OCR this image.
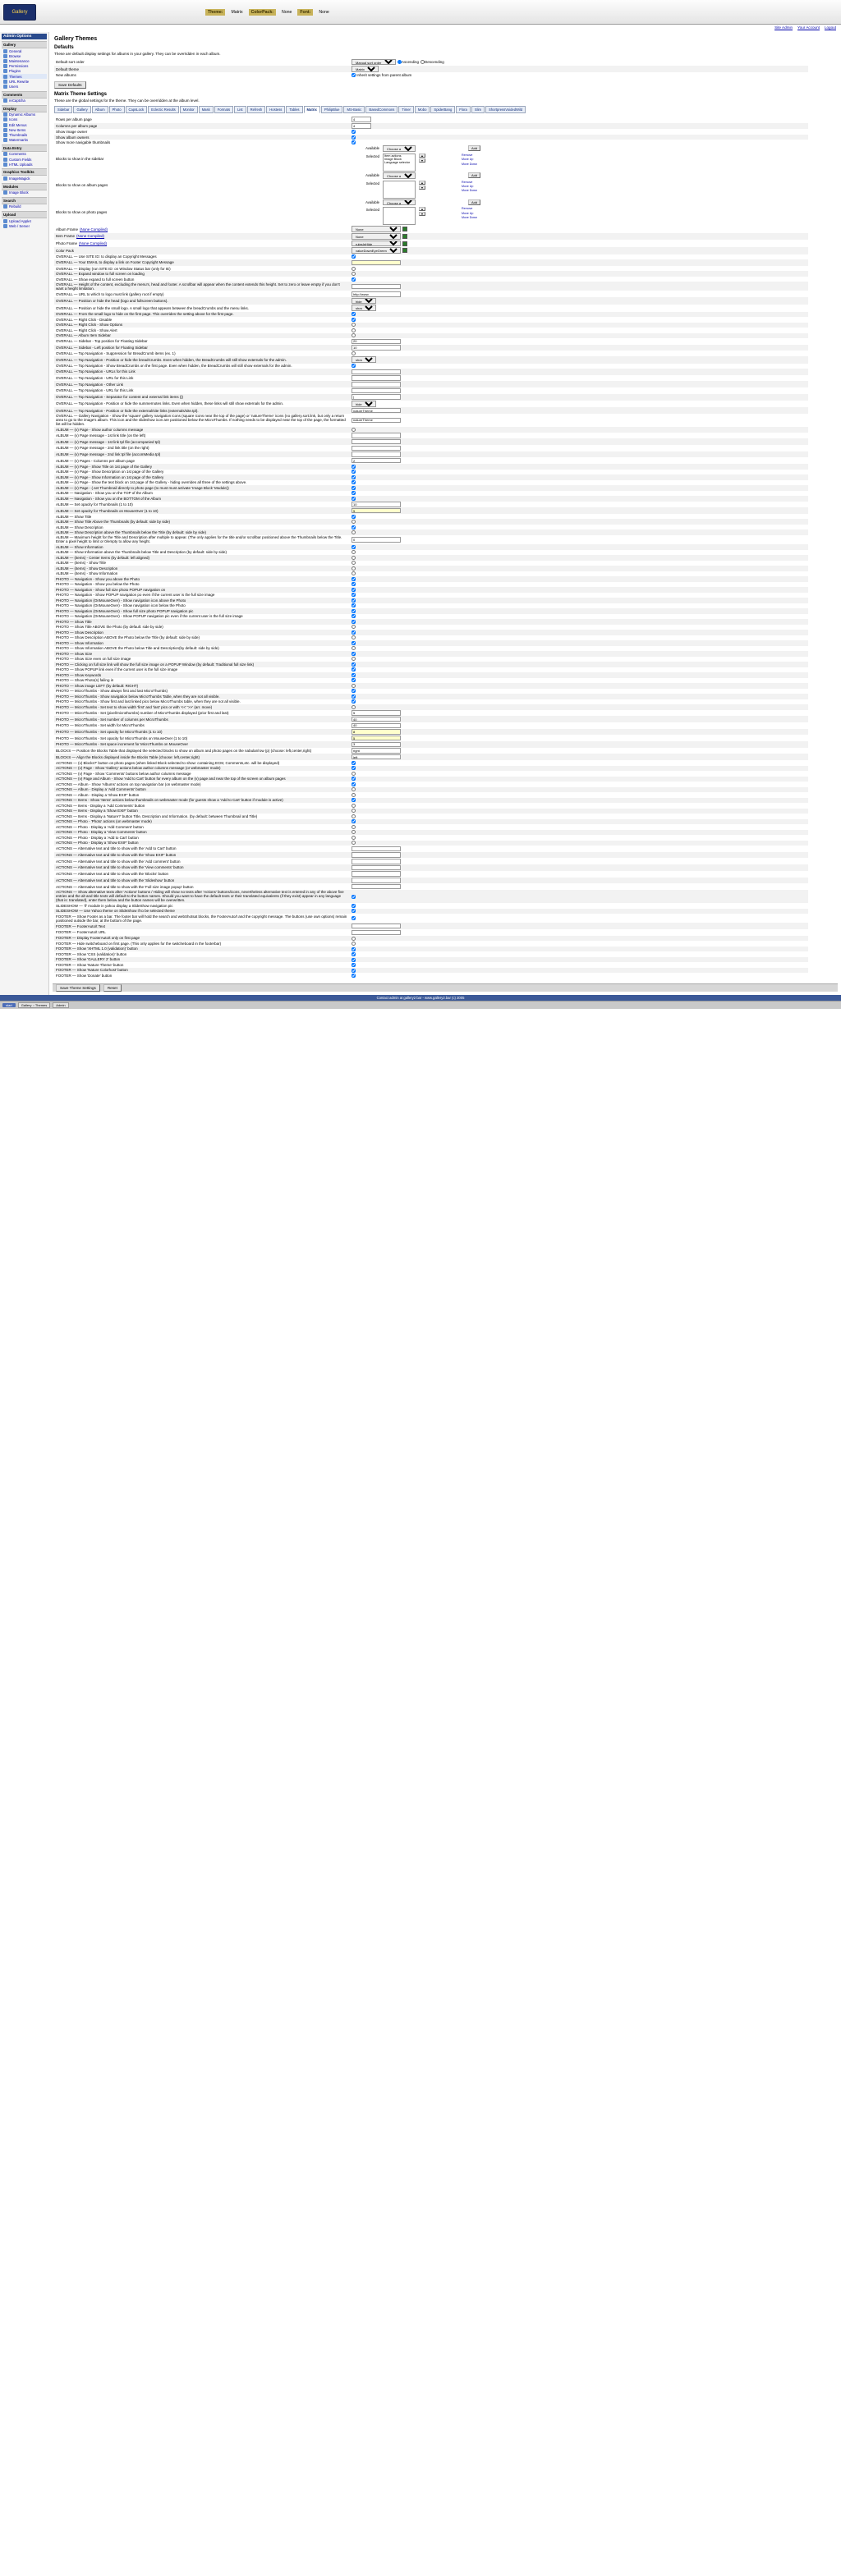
Gallery	Theme:	Matrix	ColorPack:	None	Font:	None
Site Admin Your Account Logout
Admin Options
Gallery
General
Browse
Maintenance
Permissions
Plugins
Themes
URL Rewrite
Users
Comments
reCaptcha
Display
Dynamic Albums
Icons
Edit Menus
New Items
Thumbnails
Watermarks
Data Entry
Comments
Custom Fields
HTML Uploads
Graphics Toolkits
ImageMagick
Modules
Image Block
Search
Rebuild
Upload
Upload Applet
Web / Server
Gallery Themes
Defaults
These are default display settings for albums in your gallery. They can be overridden in each album.
Default sort order	
Manual sort orderAscending Descending

Default theme	
Matrix
New albums	Inherit settings from parent album
Save Defaults
Matrix Theme Settings
These are the global settings for the theme. They can be overridden at the album level.
Sidebar	Gallery	Album	Photo	CapsLock	Eclectic Results	Monitor	Mask	Formats	List	Refresh	Hostess	Tables	Matrix	PhilipBlue	MS-Basic	BasedCommons	Timer	Mobo	SpiderBang	Flora	Slim	ShortpressVoidedWild
Rows per album page	4
Columns per album page	4
Show image owner	
Show album owners	
Show more navigable thumbnails	
Blocks to show in the sidebar	
Available
Choose a block	Add
Selected Item actions
Image Block
Language selector
▲
▼
Remove
Move Up
Move Down

Blocks to show on album pages	
Available
Choose a block	Add
Selected	▲
▼
Remove
Move Up
Move Down

Blocks to show on photo pages	
Available
Choose a block	Add
Selected	▲
▼
Remove
Move Up
Move Down
Album Frame (None Compiled)	
None

Item Frame (None Compiled)	
None

Photo Frame (None Compiled)	
rulesInHide

Color Pack	
valueDownEyeGreen
OVERALL — Use SITE ID: to display an Copyright Messages	
OVERALL — Your EMAIL to display a link on Footer Copyright Message	
OVERALL — Display (run SITE ID: on Window Status bar (only for IE)	
OVERALL — Expand window to full screen on loading	
OVERALL — Show expand to full screen button	
OVERALL — Height of the content, excluding the menu's, head and footer. A scrollbar will appear when the content extends this height. Set to zero or leave empty if you don't want a height limitation.	
OVERALL — URL to which to logo must link (gallery root if empty)	http://www.
OVERALL — Position or hide the head (logo and fullscreen buttons).	
hide
OVERALL — Position or hide the small logo. A small logo that appears between the breadCrumbs and the menu links.	
show
OVERALL — From the small logo to hide on the first page. This overrides the setting above for the first page.	
OVERALL — Right Click - Disable	
OVERALL — Right Click - Show Options	
OVERALL — Right Click - Show Alert	
OVERALL — Album Item Sidebar	
OVERALL — Sidebar - Top position for Floating Sidebar	20
OVERALL — Sidebar - Left position for Floating Sidebar	10
OVERALL — Top Navigation - Suppression for BreadCrumb items (ex. 1)	
OVERALL — Top Navigation - Position or hide the breadCrumbs. Even when hidden, the BreadCrumbs will still show externals for the admin.	
show
OVERALL — Top Navigation - Show BreadCrumbs on the first page. Even when hidden, the BreadCrumbs will still show externals for the admin.	
OVERALL — Top Navigation - URLs for this Link	
OVERALL — Top Navigation - URL for this Link	
OVERALL — Top Navigation - Other Link	
OVERALL — Top Navigation - URL for this Link	
OVERALL — Top Navigation - Separator for content and external link items (|)	|
OVERALL — Top Navigation - Position or hide the summernotes links. Even when hidden, these links will still show externals for the admin.	
hide
OVERALL — Top Navigation - Position or hide the external/site links (externals/site.tpl).	natureTheme
OVERALL — Gallery Navigation - Show the 'square' gallery navigation icons (square icons near the top of the page) or 'natureTheme' icons (no gallery.sort.link, but only a return area to go to the image's album. This icon and the slideshow icon are positioned below the MicroThumbs. If nothing needs to be displayed near the top of the page, the formatted list will be hidden.	natureTheme
ALBUM — (v) Page - Show author columns message	
ALBUM — (v) Page message - 1st link title (on the left)	
ALBUM — (v) Page message - 1st link tpl file (accompanied tpl)	
ALBUM — (v) Page message - 2nd link title (on the right)	
ALBUM — (v) Page message - 2nd link tpl file (accomMedia tpl)	
ALBUM — (v) Pages - Columns per album page	2
ALBUM — (v) Page - Show Title on 1st page of the Gallery	
ALBUM — (v) Page - Show Description on 1st page of the Gallery	
ALBUM — (v) Page - Show Information on 1st page of the Gallery	
ALBUM — (v) Page - Show the text block on 1st page of the Gallery - hiding overrides all three of the settings above.	
ALBUM — (v) Page - (.set Thumbnail directly to photo page (to must must activate 'Image Block' Module))	
ALBUM — Navigation - Show you on the TOP of the Album	
ALBUM — Navigation - Show you on the BOTTOM of the Album	
ALBUM — Set opacity for Thumbnails (1 to 10)	10
ALBUM — Set opacity for Thumbnails on MouseOver (1 to 10)	5
ALBUM — Show Title	
ALBUM — Show Title Above the Thumbnails (by default: side by side)	
ALBUM — Show Description	
ALBUM — Show Description above the Thumbnails below the Title (by default: side by side)	
ALBUM — Maximum height for the Title and Description after multiple to appear. (The only applies for the title and/or scrollbar positioned above the Thumbnails below the Title. Enter a pixel height to limit or 0/empty to allow any height.	0
ALBUM — Show Information	
ALBUM — Show Information above the Thumbnails below Title and Description (by default: side by side)	
ALBUM — (items) - Center Items (by default: left aligned)	
ALBUM — (items) - Show Title	
ALBUM — (items) - Show Description	
ALBUM — (items) - Show Information	
PHOTO — Navigation - Show you above the Photo	
PHOTO — Navigation - Show you below the Photo	
PHOTO — Navigation - Show full size photo POPUP navigation on	
PHOTO — Navigation - Show POPUP navigation po even if the current user is the full size image	
PHOTO — Navigation (OnMouseOver) - Show navigation icon above the Photo	
PHOTO — Navigation (OnMouseOver) - Show navigation icon below the Photo	
PHOTO — Navigation (OnMouseOver) - Show full size photo POPUP navigation pic	
PHOTO — Navigation (OnMouseOver) - Show POPUP navigation pic even if the current user is the full size image	
PHOTO — Show Title	
PHOTO — Show Title ABOVE the Photo (by default: side by side)	
PHOTO — Show Description	
PHOTO — Show Description ABOVE the Photo below the Title (by default: side by side)	
PHOTO — Show Information	
PHOTO — Show Information ABOVE the Photo below Title and Description(by default: side by side)	
PHOTO — Show Size	
PHOTO — Show Size even on full size image	
PHOTO — Clicking on full size link will show the full size image on a POPUP Window (by default: Traditional full size link)	
PHOTO — Show POPUP link even if the current user is the full size image	
PHOTO — Show Keywords	
PHOTO — Show Photo(s) failing in	
PHOTO — Show image LEFT (by default: RIGHT)	
PHOTO — MicroThumbs - Show always first and last MicroThumbs)	
PHOTO — MicroThumbs - Show navigation below MicroThumbs Table, when they are not all visible.	
PHOTO — MicroThumbs - Show first and last linked pics below MicroThumbs table, when they are not all visible.	
PHOTO — MicroThumbs - Set text to show width 'first' and 'last' pics or with '<<' '>>' (arr. move)	
PHOTO — MicroThumbs - Set (pixel/microthumbs) number of MicroThumbs displayed (prior first and last)	5
PHOTO — MicroThumbs - Set number of columns per MicroThumbs	40
PHOTO — MicroThumbs - Set width for MicroThumbs	40
PHOTO — MicroThumbs - Set opacity for MicroThumbs (1 to 10)	8
PHOTO — MicroThumbs - Set opacity for MicroThumbs on MouseOver (1 to 10)	5
PHOTO — MicroThumbs - Set space increment for MicroThumbs on MouseOver	3
BLOCKS — Position the Blocks Table that displayed the selected blocks to show on album and photo pages on the nabular/row (p) (choose: left,center,right)	right
BLOCKS — Align the Blocks displayed inside the Blocks Table (choose: left,center,right)	left
ACTIONS — (v) Blocks?' button on photo pages (when linked Block selected to show: containing ECM, Comments,etc. will be displayed)	
ACTIONS — (v) Page - Show 'Gallery' actions below author columns message (or webmaster mode)	
ACTIONS — (v) Page - Show 'Comments' buttons below author columns message	
ACTIONS — (v) Page and Album - Show 'Add to Cart' button for every album on the (v) page and near the top of the screen on album pages	
ACTIONS — Album - Show 'Albums' actions on top navigation bar (on webmaster mode)	
ACTIONS — Album - Display a 'Add Comments' button	
ACTIONS — Album - Display a 'Show EXIF' button	
ACTIONS — Items - Show 'Items' actions below thumbnails on webmaster mode (for guests show a 'Add to Cart' button if module is active)	
ACTIONS — Items - Display a 'Add Comments' button	
ACTIONS — Items - Display a 'Show EXIF' button	
ACTIONS — Items - Display a 'Nature?' button Title, Description and Information. (by default: between Thumbnail and Title)	
ACTIONS — Photo - 'Photo' actions (on webmaster mode)	
ACTIONS — Photo - Display a 'Add Comment' button	
ACTIONS — Photo - Display a 'View Comments' button	
ACTIONS — Photo - Display a 'Add to Cart' button	
ACTIONS — Photo - Display a 'Show EXIF' button	
ACTIONS — Alternative text and title to show with the 'Add to Cart' button	
ACTIONS — Alternative text and title to show with the 'Show EXIF' button	
ACTIONS — Alternative text and title to show with the 'Add comment' button	
ACTIONS — Alternative text and title to show with the 'View comments' button	
ACTIONS — Alternative text and title to show with the 'Blocks' button	
ACTIONS — Alternative text and title to show with the 'Slideshow' button	
ACTIONS — Alternative text and title to show with the 'Full size image popup' button	
ACTIONS — Show alternative texts after 'Actions' buttons / Hiding will show no texts after 'Actions' buttons/icons, nevertheless alternative text is entered in any of the above five entries and the alt and title texts will default to the button names. Should you want to have the default texts or their translated equivalents (if they exist) appear in any language (that is: translated), enter them below and the button names will be overwritten.	
SLIDESHOW — 'if' module in yahoo display a SlideShow navigation pic	
SLIDESHOW — Use Yahoo theme on SlideShow if to be selected theme	
FOOTER — Show Footer as a bar. The footer bar will hold the search and webShotsat blocks, the FooterAuto/t and the copyright message. The buttons (use own options) remain positioned outside the bar, at the bottom of the page.	
FOOTER — FooterAuto/t Text	
FOOTER — FooterAuto/t URL	
FOOTER — Display FooterAuto/t only on first page	
FOOTER — Hide switcheboard on first page. (This only applies for the switcheboard in the footerbar)	
FOOTER — Show 'XHTML 1.0 (validation)' button	
FOOTER — Show 'CSS (validation)' button	
FOOTER — Show 'GALLERY 2' button	
FOOTER — Show 'Nature Theme' button	
FOOTER — Show 'Nature Colorhost' button	
FOOTER — Show 'Donate' button	
Save Theme Settings	Reset
Contact admin at gallery2 bar - www.gallery2.bar (c) 2005
start	Gallery :: Themes	Admin
